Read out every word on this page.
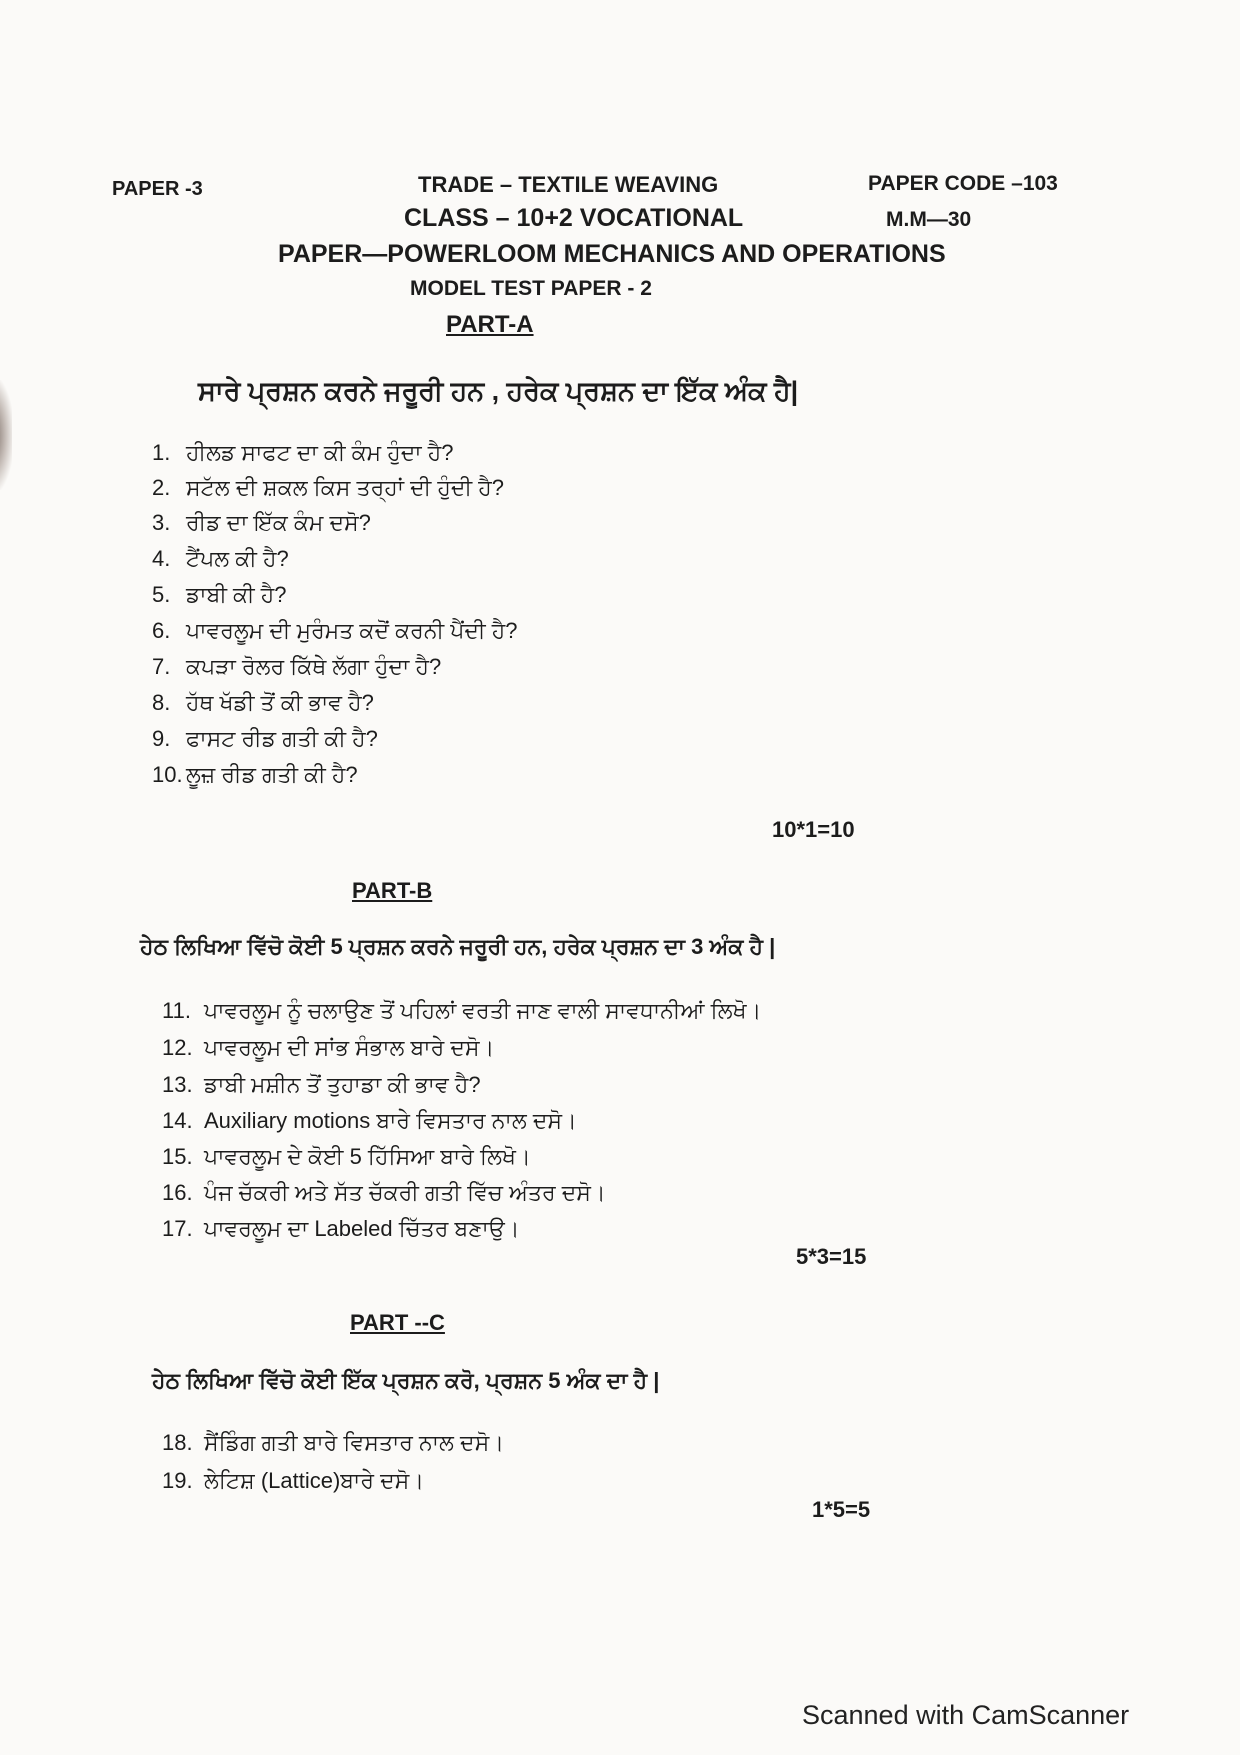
PAPER -3	TRADE – TEXTILE WEAVING	PAPER CODE –103
CLASS – 10+2 VOCATIONAL	M.M—30
PAPER—POWERLOOM MECHANICS AND OPERATIONS
MODEL TEST PAPER - 2
PART-A
ਸਾਰੇ ਪ੍ਰਸ਼ਨ ਕਰਨੇ ਜਰੂਰੀ ਹਨ , ਹਰੇਕ ਪ੍ਰਸ਼ਨ ਦਾ ਇੱਕ ਅੰਕ ਹੈ|
1. ਹੀਲਡ ਸਾਫਟ ਦਾ ਕੀ ਕੰਮ ਹੁੰਦਾ ਹੈ?
2. ਸਟੱਲ ਦੀ ਸ਼ਕਲ ਕਿਸ ਤਰ੍ਹਾਂ ਦੀ ਹੁੰਦੀ ਹੈ?
3. ਰੀਡ ਦਾ ਇੱਕ ਕੰਮ ਦਸੋ?
4. ਟੈਂਪਲ ਕੀ ਹੈ?
5. ਡਾਬੀ ਕੀ ਹੈ?
6. ਪਾਵਰਲੂਮ ਦੀ ਮੁਰੰਮਤ ਕਦੋਂ ਕਰਨੀ ਪੈਂਦੀ ਹੈ?
7. ਕਪੜਾ ਰੋਲਰ ਕਿੱਥੇ ਲੱਗਾ ਹੁੰਦਾ ਹੈ?
8. ਹੱਥ ਖੱਡੀ ਤੋਂ ਕੀ ਭਾਵ ਹੈ?
9. ਫਾਸਟ ਰੀਡ ਗਤੀ ਕੀ ਹੈ?
10. ਲੂਜ਼ ਰੀਡ ਗਤੀ ਕੀ ਹੈ?
10*1=10
PART-B
ਹੇਠ ਲਿਖਿਆ ਵਿੱਚੋ ਕੋਈ 5 ਪ੍ਰਸ਼ਨ ਕਰਨੇ ਜਰੂਰੀ ਹਨ, ਹਰੇਕ ਪ੍ਰਸ਼ਨ ਦਾ 3 ਅੰਕ ਹੈ |
11. ਪਾਵਰਲੂਮ ਨੂੰ ਚਲਾਉਣ ਤੋਂ ਪਹਿਲਾਂ ਵਰਤੀ ਜਾਣ ਵਾਲੀ ਸਾਵਧਾਨੀਆਂ ਲਿਖੋ।
12. ਪਾਵਰਲੂਮ ਦੀ ਸਾਂਭ ਸੰਭਾਲ ਬਾਰੇ ਦਸੋ।
13. ਡਾਬੀ ਮਸ਼ੀਨ ਤੋਂ ਤੁਹਾਡਾ ਕੀ ਭਾਵ ਹੈ?
14. Auxiliary motions ਬਾਰੇ ਵਿਸਤਾਰ ਨਾਲ ਦਸੋ।
15. ਪਾਵਰਲੂਮ ਦੇ ਕੋਈ 5 ਹਿੱਸਿਆ ਬਾਰੇ ਲਿਖੋ।
16. ਪੰਜ ਚੱਕਰੀ ਅਤੇ ਸੱਤ ਚੱਕਰੀ ਗਤੀ ਵਿੱਚ ਅੰਤਰ ਦਸੋ।
17. ਪਾਵਰਲੂਮ ਦਾ Labeled ਚਿੱਤਰ ਬਣਾਉ।
5*3=15
PART --C
ਹੇਠ ਲਿਖਿਆ ਵਿੱਚੋ ਕੋਈ ਇੱਕ ਪ੍ਰਸ਼ਨ ਕਰੋ, ਪ੍ਰਸ਼ਨ 5 ਅੰਕ ਦਾ ਹੈ |
18. ਸੈਂਡਿੰਗ ਗਤੀ ਬਾਰੇ ਵਿਸਤਾਰ ਨਾਲ ਦਸੋ।
19. ਲੇਟਿਸ਼ (Lattice)ਬਾਰੇ ਦਸੋ।
1*5=5
Scanned with CamScanner
